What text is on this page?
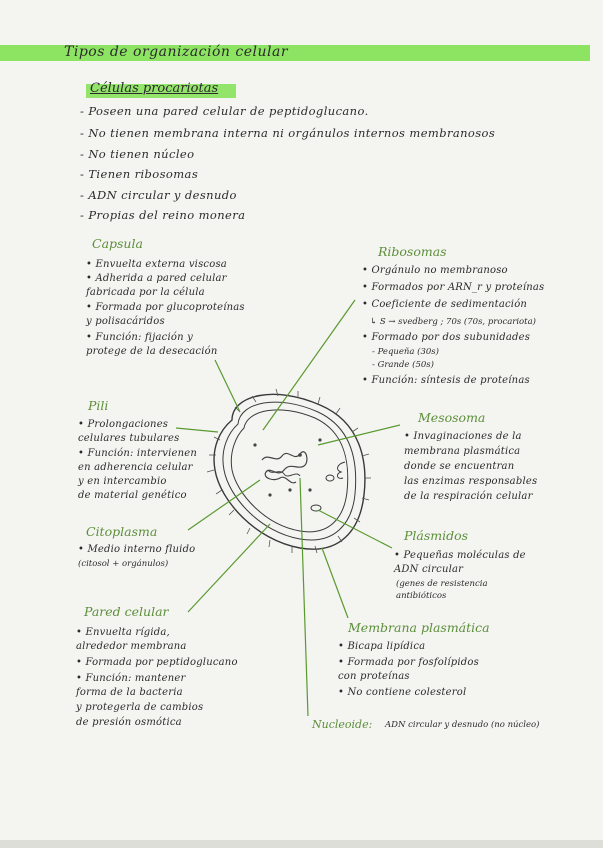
Tipos de organización celular
Células procariotas
- Poseen una pared celular de peptidoglucano.
- No tienen membrana interna ni orgánulos internos membranosos
- No tienen núcleo
- Tienen ribosomas
- ADN circular y desnudo
- Propias del reino monera
Capsula
• Envuelta externa viscosa
• Adherida a pared celular
fabricada por la célula
• Formada por glucoproteínas
y polisacáridos
• Función: fijación y
protege de la desecación
Ribosomas
• Orgánulo no membranoso
• Formados por ARN_r y proteínas
• Coeficiente de sedimentación
↳ S → svedberg ; 70s (70s, procariota)
• Formado por dos subunidades
- Pequeña (30s)
- Grande (50s)
• Función: síntesis de proteínas
Pili
• Prolongaciones
celulares tubulares
• Función: intervienen
en adherencia celular
y en intercambio
de material genético
Mesosoma
• Invaginaciones de la
membrana plasmática
donde se encuentran
las enzimas responsables
de la respiración celular
Citoplasma
• Medio interno fluido
(citosol + orgánulos)
Plásmidos
• Pequeñas moléculas de
ADN circular
(genes de resistencia
antibióticos
Pared celular
• Envuelta rígida,
alrededor membrana
• Formada por peptidoglucano
• Función: mantener
forma de la bacteria
y protegerla de cambios
de presión osmótica
Membrana plasmática
• Bicapa lipídica
• Formada por fosfolípidos
con proteínas
• No contiene colesterol
Nucleoide: ADN circular y desnudo (no núcleo)
